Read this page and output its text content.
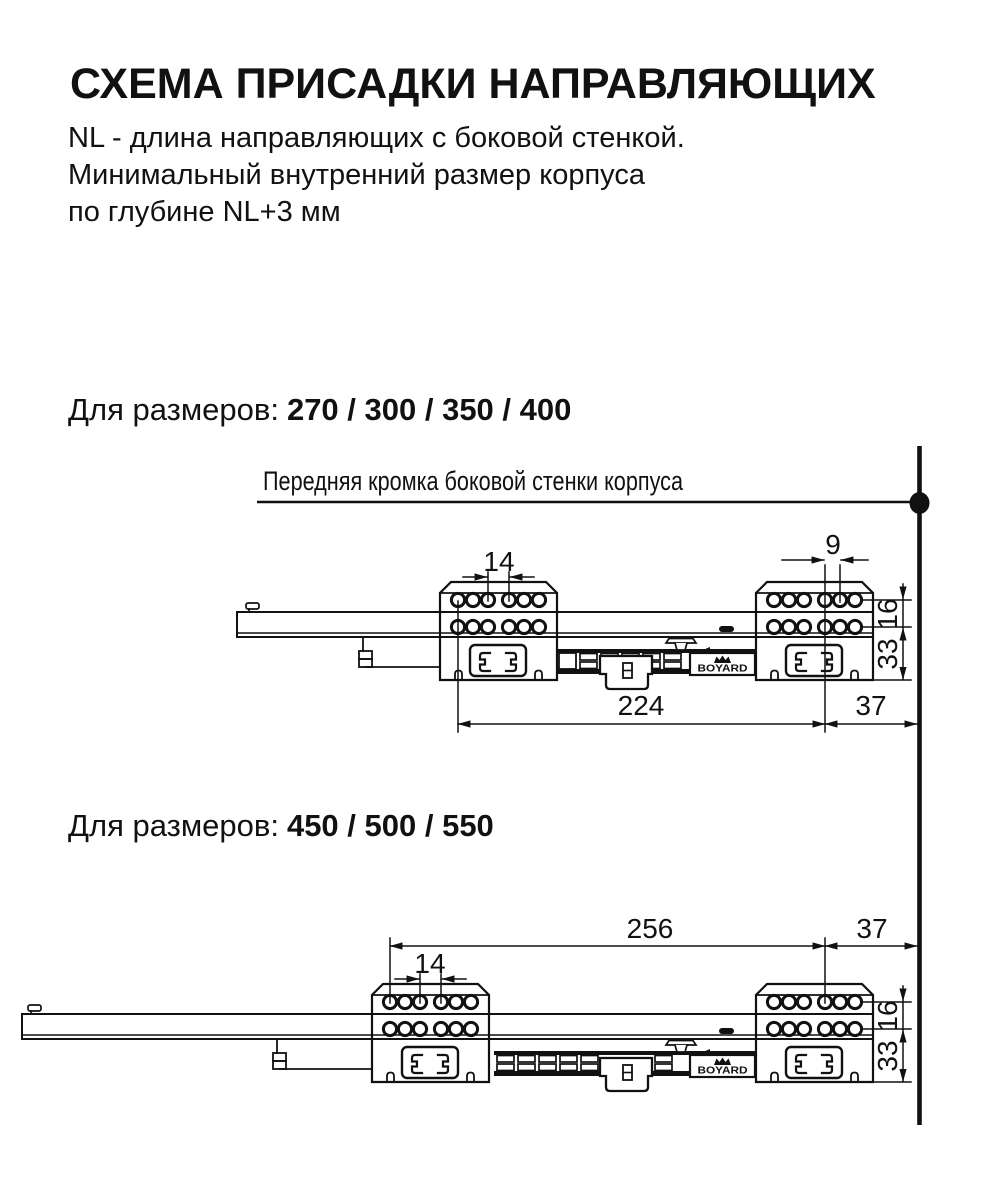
СХЕМА ПРИСАДКИ НАПРАВЛЯЮЩИХ
NL - длина направляющих с боковой стенкой.
Минимальный внутренний размер корпуса
по глубине NL+3 мм
Для размеров: 270 / 300 / 350 / 400
Для размеров: 450 / 500 / 550
Передняя кромка боковой стенки корпуса
BOYARD
14
9
224	37
16
33
BOYARD
14
256	37
16
33
